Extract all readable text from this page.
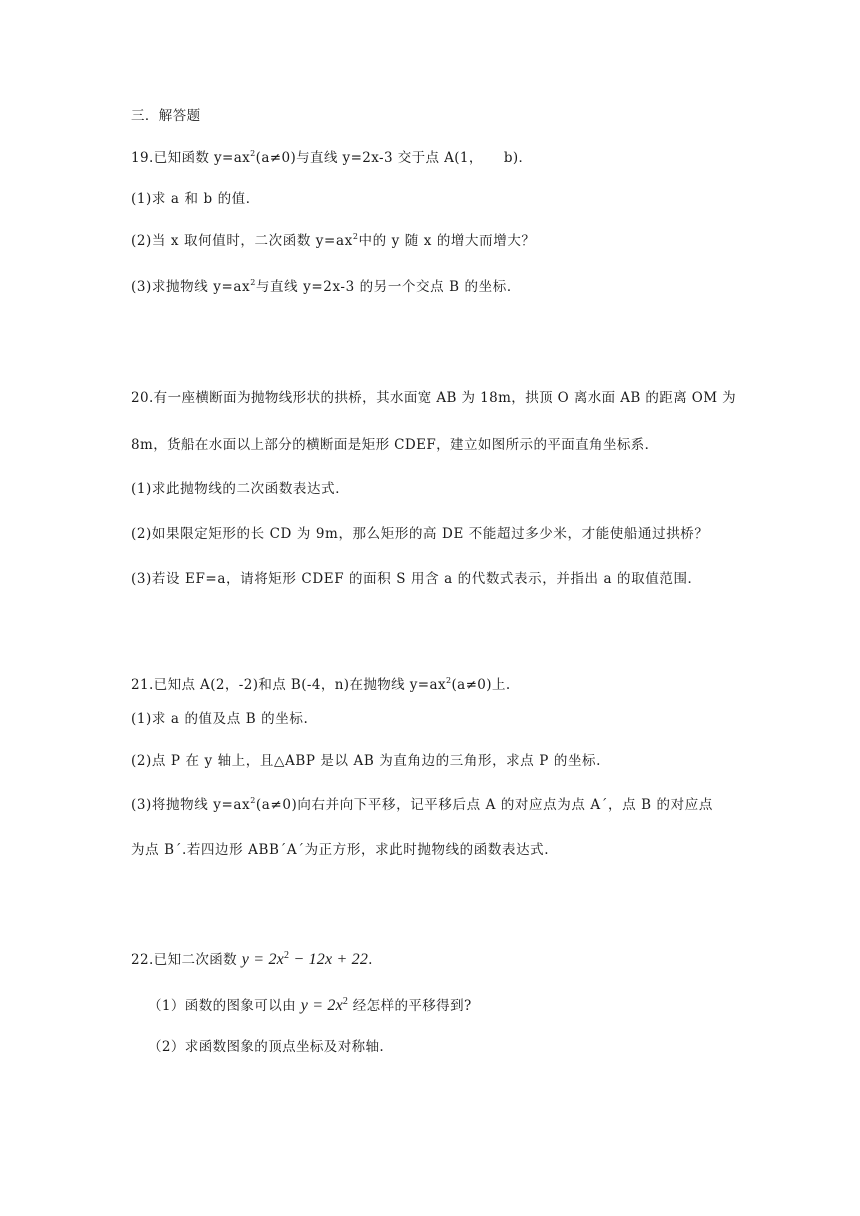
三．解答题
19.已知函数 $y=ax^2(a\ne 0)$与直线 y=2x-3 交于点 A(1，　　b)．
(1)求 a 和 b 的值．
(2)当 x 取何值时，二次函数 $y=ax^2$中的 y 随 x 的增大而增大？
(3)求抛物线 $y=ax^2$与直线 y=2x-3 的另一个交点 B 的坐标．
20.有一座横断面为抛物线形状的拱桥，其水面宽 AB 为 18m，拱顶 O 离水面 AB 的距离 OM 为
8m，货船在水面以上部分的横断面是矩形 CDEF，建立如图所示的平面直角坐标系．
(1)求此抛物线的二次函数表达式．
(2)如果限定矩形的长 CD 为 9m，那么矩形的高 DE 不能超过多少米，才能使船通过拱桥？
(3)若设 EF=a，请将矩形 CDEF 的面积 S 用含 a 的代数式表示，并指出 a 的取值范围．
21.已知点 A(2，-2)和点 B(-4，n)在抛物线 $y=ax^2(a\ne 0)$上.
(1)求 a 的值及点 B 的坐标.
(2)点 P 在 y 轴上，且△ABP 是以 AB 为直角边的三角形，求点 P 的坐标.
(3)将抛物线 $y=ax^2(a\ne 0)$向右并向下平移，记平移后点 A 的对应点为点 A´，点 B 的对应点
为点 B´.若四边形 ABB´A´为正方形，求此时抛物线的函数表达式.
22.已知二次函数 $y = 2x^2 - 12x + 22$.
（1）函数的图象可以由 $y = 2x^2$ 经怎样的平移得到?
（2）求函数图象的顶点坐标及对称轴.
